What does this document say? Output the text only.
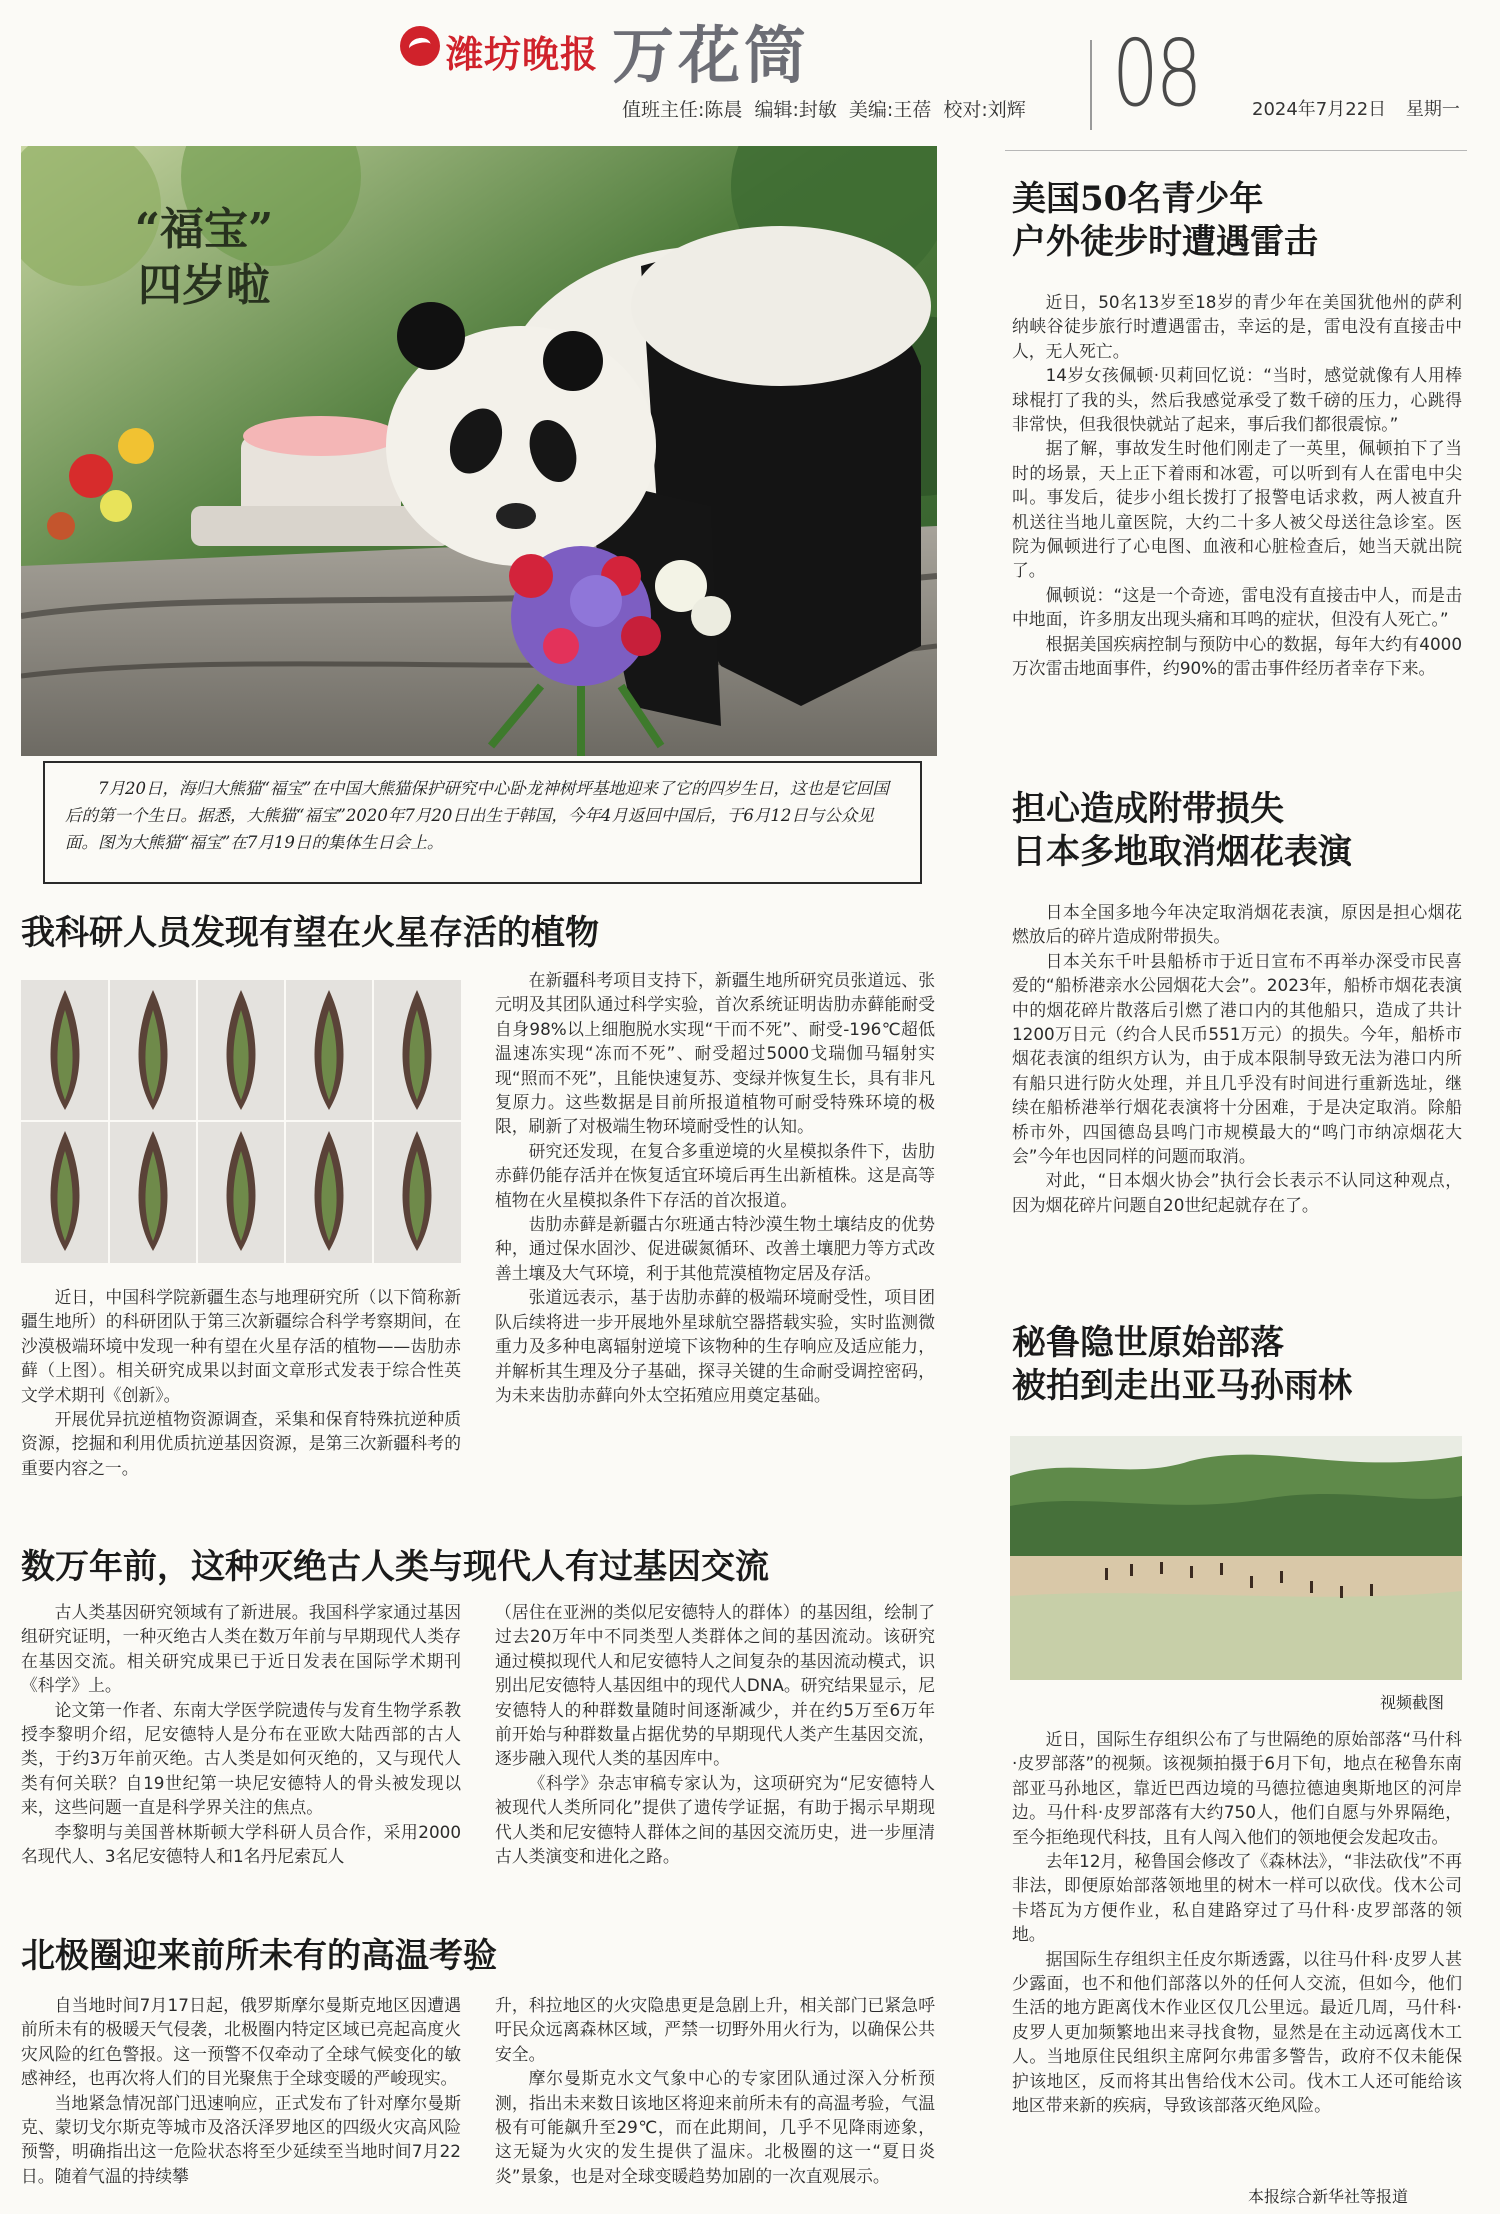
潍坊晚报 万花筒	08
值班主任:陈晨 编辑:封敏 美编:王蓓 校对:刘辉	2024年7月22日 星期一
“福宝”
四岁啦

7月20日，海归大熊猫“福宝”在中国大熊猫保护研究中心卧龙神树坪基地迎来了它的四岁生日，这也是它回国后的第一个生日。据悉，大熊猫“福宝”2020年7月20日出生于韩国，今年4月返回中国后，于6月12日与公众见面。图为大熊猫“福宝”在7月19日的集体生日会上。

我科研人员发现有望在火星存活的植物

近日，中国科学院新疆生态与地理研究所（以下简称新疆生地所）的科研团队于第三次新疆综合科学考察期间，在沙漠极端环境中发现一种有望在火星存活的植物——齿肋赤藓（上图）。相关研究成果以封面文章形式发表于综合性英文学术期刊《创新》。

开展优异抗逆植物资源调查，采集和保育特殊抗逆种质资源，挖掘和利用优质抗逆基因资源，是第三次新疆科考的重要内容之一。

在新疆科考项目支持下，新疆生地所研究员张道远、张元明及其团队通过科学实验，首次系统证明齿肋赤藓能耐受自身98%以上细胞脱水实现“干而不死”、耐受-196℃超低温速冻实现“冻而不死”、耐受超过5000戈瑞伽马辐射实现“照而不死”，且能快速复苏、变绿并恢复生长，具有非凡复原力。这些数据是目前所报道植物可耐受特殊环境的极限，刷新了对极端生物环境耐受性的认知。

研究还发现，在复合多重逆境的火星模拟条件下，齿肋赤藓仍能存活并在恢复适宜环境后再生出新植株。这是高等植物在火星模拟条件下存活的首次报道。

齿肋赤藓是新疆古尔班通古特沙漠生物土壤结皮的优势种，通过保水固沙、促进碳氮循环、改善土壤肥力等方式改善土壤及大气环境，利于其他荒漠植物定居及存活。

张道远表示，基于齿肋赤藓的极端环境耐受性，项目团队后续将进一步开展地外星球航空器搭载实验，实时监测微重力及多种电离辐射逆境下该物种的生存响应及适应能力，并解析其生理及分子基础，探寻关键的生命耐受调控密码，为未来齿肋赤藓向外太空拓殖应用奠定基础。

数万年前，这种灭绝古人类与现代人有过基因交流

古人类基因研究领域有了新进展。我国科学家通过基因组研究证明，一种灭绝古人类在数万年前与早期现代人类存在基因交流。相关研究成果已于近日发表在国际学术期刊《科学》上。

论文第一作者、东南大学医学院遗传与发育生物学系教授李黎明介绍，尼安德特人是分布在亚欧大陆西部的古人类，于约3万年前灭绝。古人类是如何灭绝的，又与现代人类有何关联？自19世纪第一块尼安德特人的骨头被发现以来，这些问题一直是科学界关注的焦点。

李黎明与美国普林斯顿大学科研人员合作，采用2000名现代人、3名尼安德特人和1名丹尼索瓦人

（居住在亚洲的类似尼安德特人的群体）的基因组，绘制了过去20万年中不同类型人类群体之间的基因流动。该研究通过模拟现代人和尼安德特人之间复杂的基因流动模式，识别出尼安德特人基因组中的现代人DNA。研究结果显示，尼安德特人的种群数量随时间逐渐减少，并在约5万至6万年前开始与种群数量占据优势的早期现代人类产生基因交流，逐步融入现代人类的基因库中。

《科学》杂志审稿专家认为，这项研究为“尼安德特人被现代人类所同化”提供了遗传学证据，有助于揭示早期现代人类和尼安德特人群体之间的基因交流历史，进一步厘清古人类演变和进化之路。

北极圈迎来前所未有的高温考验

自当地时间7月17日起，俄罗斯摩尔曼斯克地区因遭遇前所未有的极暖天气侵袭，北极圈内特定区域已亮起高度火灾风险的红色警报。这一预警不仅牵动了全球气候变化的敏感神经，也再次将人们的目光聚焦于全球变暖的严峻现实。

当地紧急情况部门迅速响应，正式发布了针对摩尔曼斯克、蒙切戈尔斯克等城市及洛沃泽罗地区的四级火灾高风险预警，明确指出这一危险状态将至少延续至当地时间7月22日。随着气温的持续攀

升，科拉地区的火灾隐患更是急剧上升，相关部门已紧急呼吁民众远离森林区域，严禁一切野外用火行为，以确保公共安全。

摩尔曼斯克水文气象中心的专家团队通过深入分析预测，指出未来数日该地区将迎来前所未有的高温考验，气温极有可能飙升至29℃，而在此期间，几乎不见降雨迹象，这无疑为火灾的发生提供了温床。北极圈的这一“夏日炎炎”景象，也是对全球变暖趋势加剧的一次直观展示。

美国50名青少年
户外徒步时遭遇雷击

近日，50名13岁至18岁的青少年在美国犹他州的萨利纳峡谷徒步旅行时遭遇雷击，幸运的是，雷电没有直接击中人，无人死亡。

14岁女孩佩顿·贝莉回忆说：“当时，感觉就像有人用棒球棍打了我的头，然后我感觉承受了数千磅的压力，心跳得非常快，但我很快就站了起来，事后我们都很震惊。”

据了解，事故发生时他们刚走了一英里，佩顿拍下了当时的场景，天上正下着雨和冰雹，可以听到有人在雷电中尖叫。事发后，徒步小组长拨打了报警电话求救，两人被直升机送往当地儿童医院，大约二十多人被父母送往急诊室。医院为佩顿进行了心电图、血液和心脏检查后，她当天就出院了。

佩顿说：“这是一个奇迹，雷电没有直接击中人，而是击中地面，许多朋友出现头痛和耳鸣的症状，但没有人死亡。”

根据美国疾病控制与预防中心的数据，每年大约有4000万次雷击地面事件，约90%的雷击事件经历者幸存下来。

担心造成附带损失
日本多地取消烟花表演

日本全国多地今年决定取消烟花表演，原因是担心烟花燃放后的碎片造成附带损失。

日本关东千叶县船桥市于近日宣布不再举办深受市民喜爱的“船桥港亲水公园烟花大会”。2023年，船桥市烟花表演中的烟花碎片散落后引燃了港口内的其他船只，造成了共计1200万日元（约合人民币551万元）的损失。今年，船桥市烟花表演的组织方认为，由于成本限制导致无法为港口内所有船只进行防火处理，并且几乎没有时间进行重新选址，继续在船桥港举行烟花表演将十分困难，于是决定取消。除船桥市外，四国德岛县鸣门市规模最大的“鸣门市纳凉烟花大会”今年也因同样的问题而取消。

对此，“日本烟火协会”执行会长表示不认同这种观点，因为烟花碎片问题自20世纪起就存在了。

秘鲁隐世原始部落
被拍到走出亚马孙雨林
视频截图

近日，国际生存组织公布了与世隔绝的原始部落“马什科·皮罗部落”的视频。该视频拍摄于6月下旬，地点在秘鲁东南部亚马孙地区，靠近巴西边境的马德拉德迪奥斯地区的河岸边。马什科·皮罗部落有大约750人，他们自愿与外界隔绝，至今拒绝现代科技，且有人闯入他们的领地便会发起攻击。

去年12月，秘鲁国会修改了《森林法》，“非法砍伐”不再非法，即便原始部落领地里的树木一样可以砍伐。伐木公司卡塔瓦为方便作业，私自建路穿过了马什科·皮罗部落的领地。

据国际生存组织主任皮尔斯透露，以往马什科·皮罗人甚少露面，也不和他们部落以外的任何人交流，但如今，他们生活的地方距离伐木作业区仅几公里远。最近几周，马什科·皮罗人更加频繁地出来寻找食物，显然是在主动远离伐木工人。当地原住民组织主席阿尔弗雷多警告，政府不仅未能保护该地区，反而将其出售给伐木公司。伐木工人还可能给该地区带来新的疾病，导致该部落灭绝风险。

本报综合新华社等报道
